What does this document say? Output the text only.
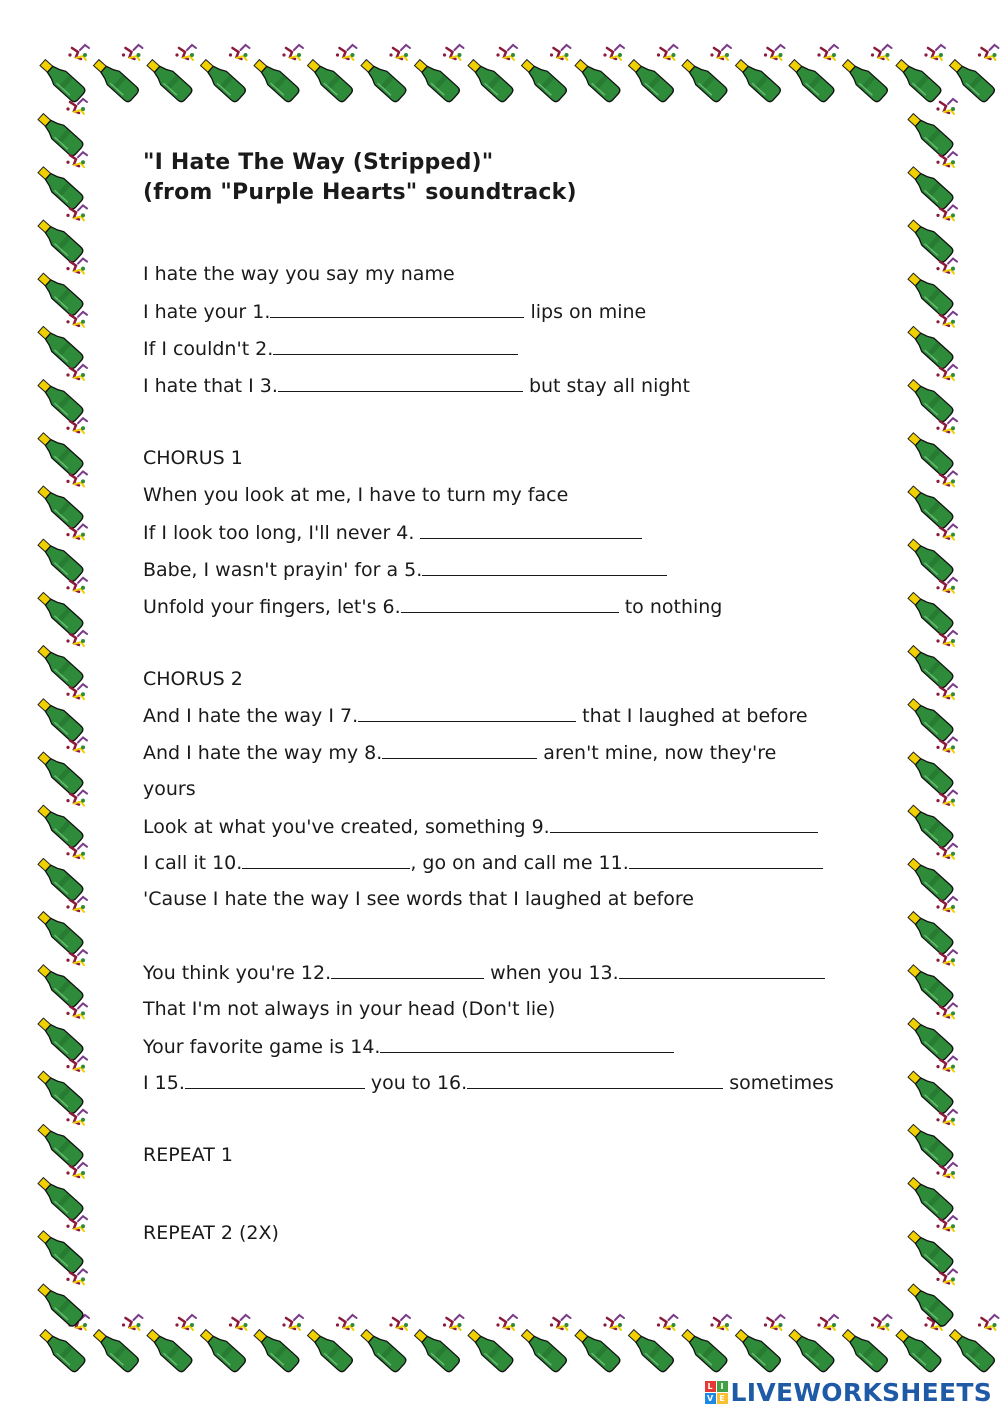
"I Hate The Way (Stripped)"
(from "Purple Hearts" soundtrack)
I hate the way you say my name
I hate your 1.	lips on mine
If I couldn't 2.
I hate that I 3.	but stay all night
CHORUS 1
When you look at me, I have to turn my face
If I look too long, I'll never 4.
Babe, I wasn't prayin' for a 5.
Unfold your fingers, let's 6.	to nothing
CHORUS 2
And I hate the way I 7.	that I laughed at before
And I hate the way my 8.	aren't mine, now they're
yours
Look at what you've created, something 9.
I call it 10.	, go on and call me 11.
'Cause I hate the way I see words that I laughed at before
You think you're 12.	when you 13.
That I'm not always in your head (Don't lie)
Your favorite game is 14.
I 15.	you to 16.	sometimes
REPEAT 1
REPEAT 2 (2X)
L I
V E LIVEWORKSHEETS
